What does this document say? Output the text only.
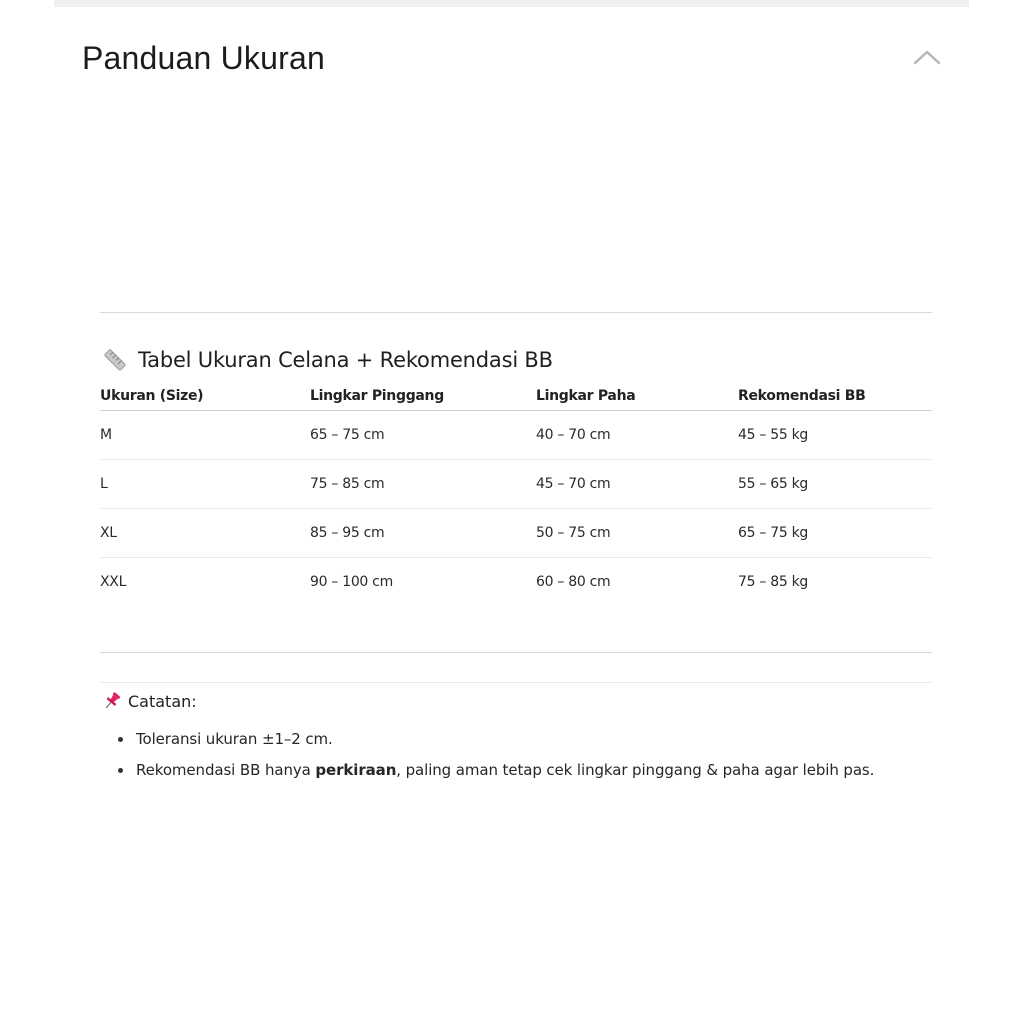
Panduan Ukuran
Tabel Ukuran Celana + Rekomendasi BB
Ukuran (Size)	Lingkar Pinggang	Lingkar Paha	Rekomendasi BB
M	65 – 75 cm	40 – 70 cm	45 – 55 kg
L	75 – 85 cm	45 – 70 cm	55 – 65 kg
XL	85 – 95 cm	50 – 75 cm	65 – 75 kg
XXL	90 – 100 cm	60 – 80 cm	75 – 85 kg
Catatan:
Toleransi ukuran ±1–2 cm.
Rekomendasi BB hanya perkiraan, paling aman tetap cek lingkar pinggang & paha agar lebih pas.
